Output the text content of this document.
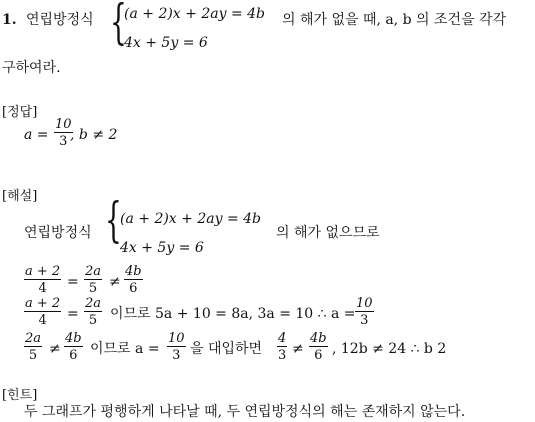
1. 연립방정식 {
(a + 2)x + 2ay = 4b
4x + 5y = 6
의 해가 없을 때, a, b 의 조건을 각각
구하여라.
[정답]
$a = \frac{10}{3}$
, b ≠ 2
[해설]
연립방정식 {
(a + 2)x + 2ay = 4b
4x + 5y = 6
의 해가 없으므로
$\frac{a + 2}{4} = \frac{2a}{5} \ne \frac{4b}{6}$
$\frac{a + 2}{4} = \frac{2a}{5}$ 이므로 5a + 10 = 8a, 3a = 10 ∴ $a = \frac{10}{3}$
$\frac{2a}{5} \ne \frac{4b}{6}$ 이므로 $a = \frac{10}{3}$ 을 대입하면 $\frac{4}{3} \ne \frac{4b}{6}$ , 12b ≠ 24 ∴ b 2
[힌트]
두 그래프가 평행하게 나타날 때, 두 연립방정식의 해는 존재하지 않는다.
